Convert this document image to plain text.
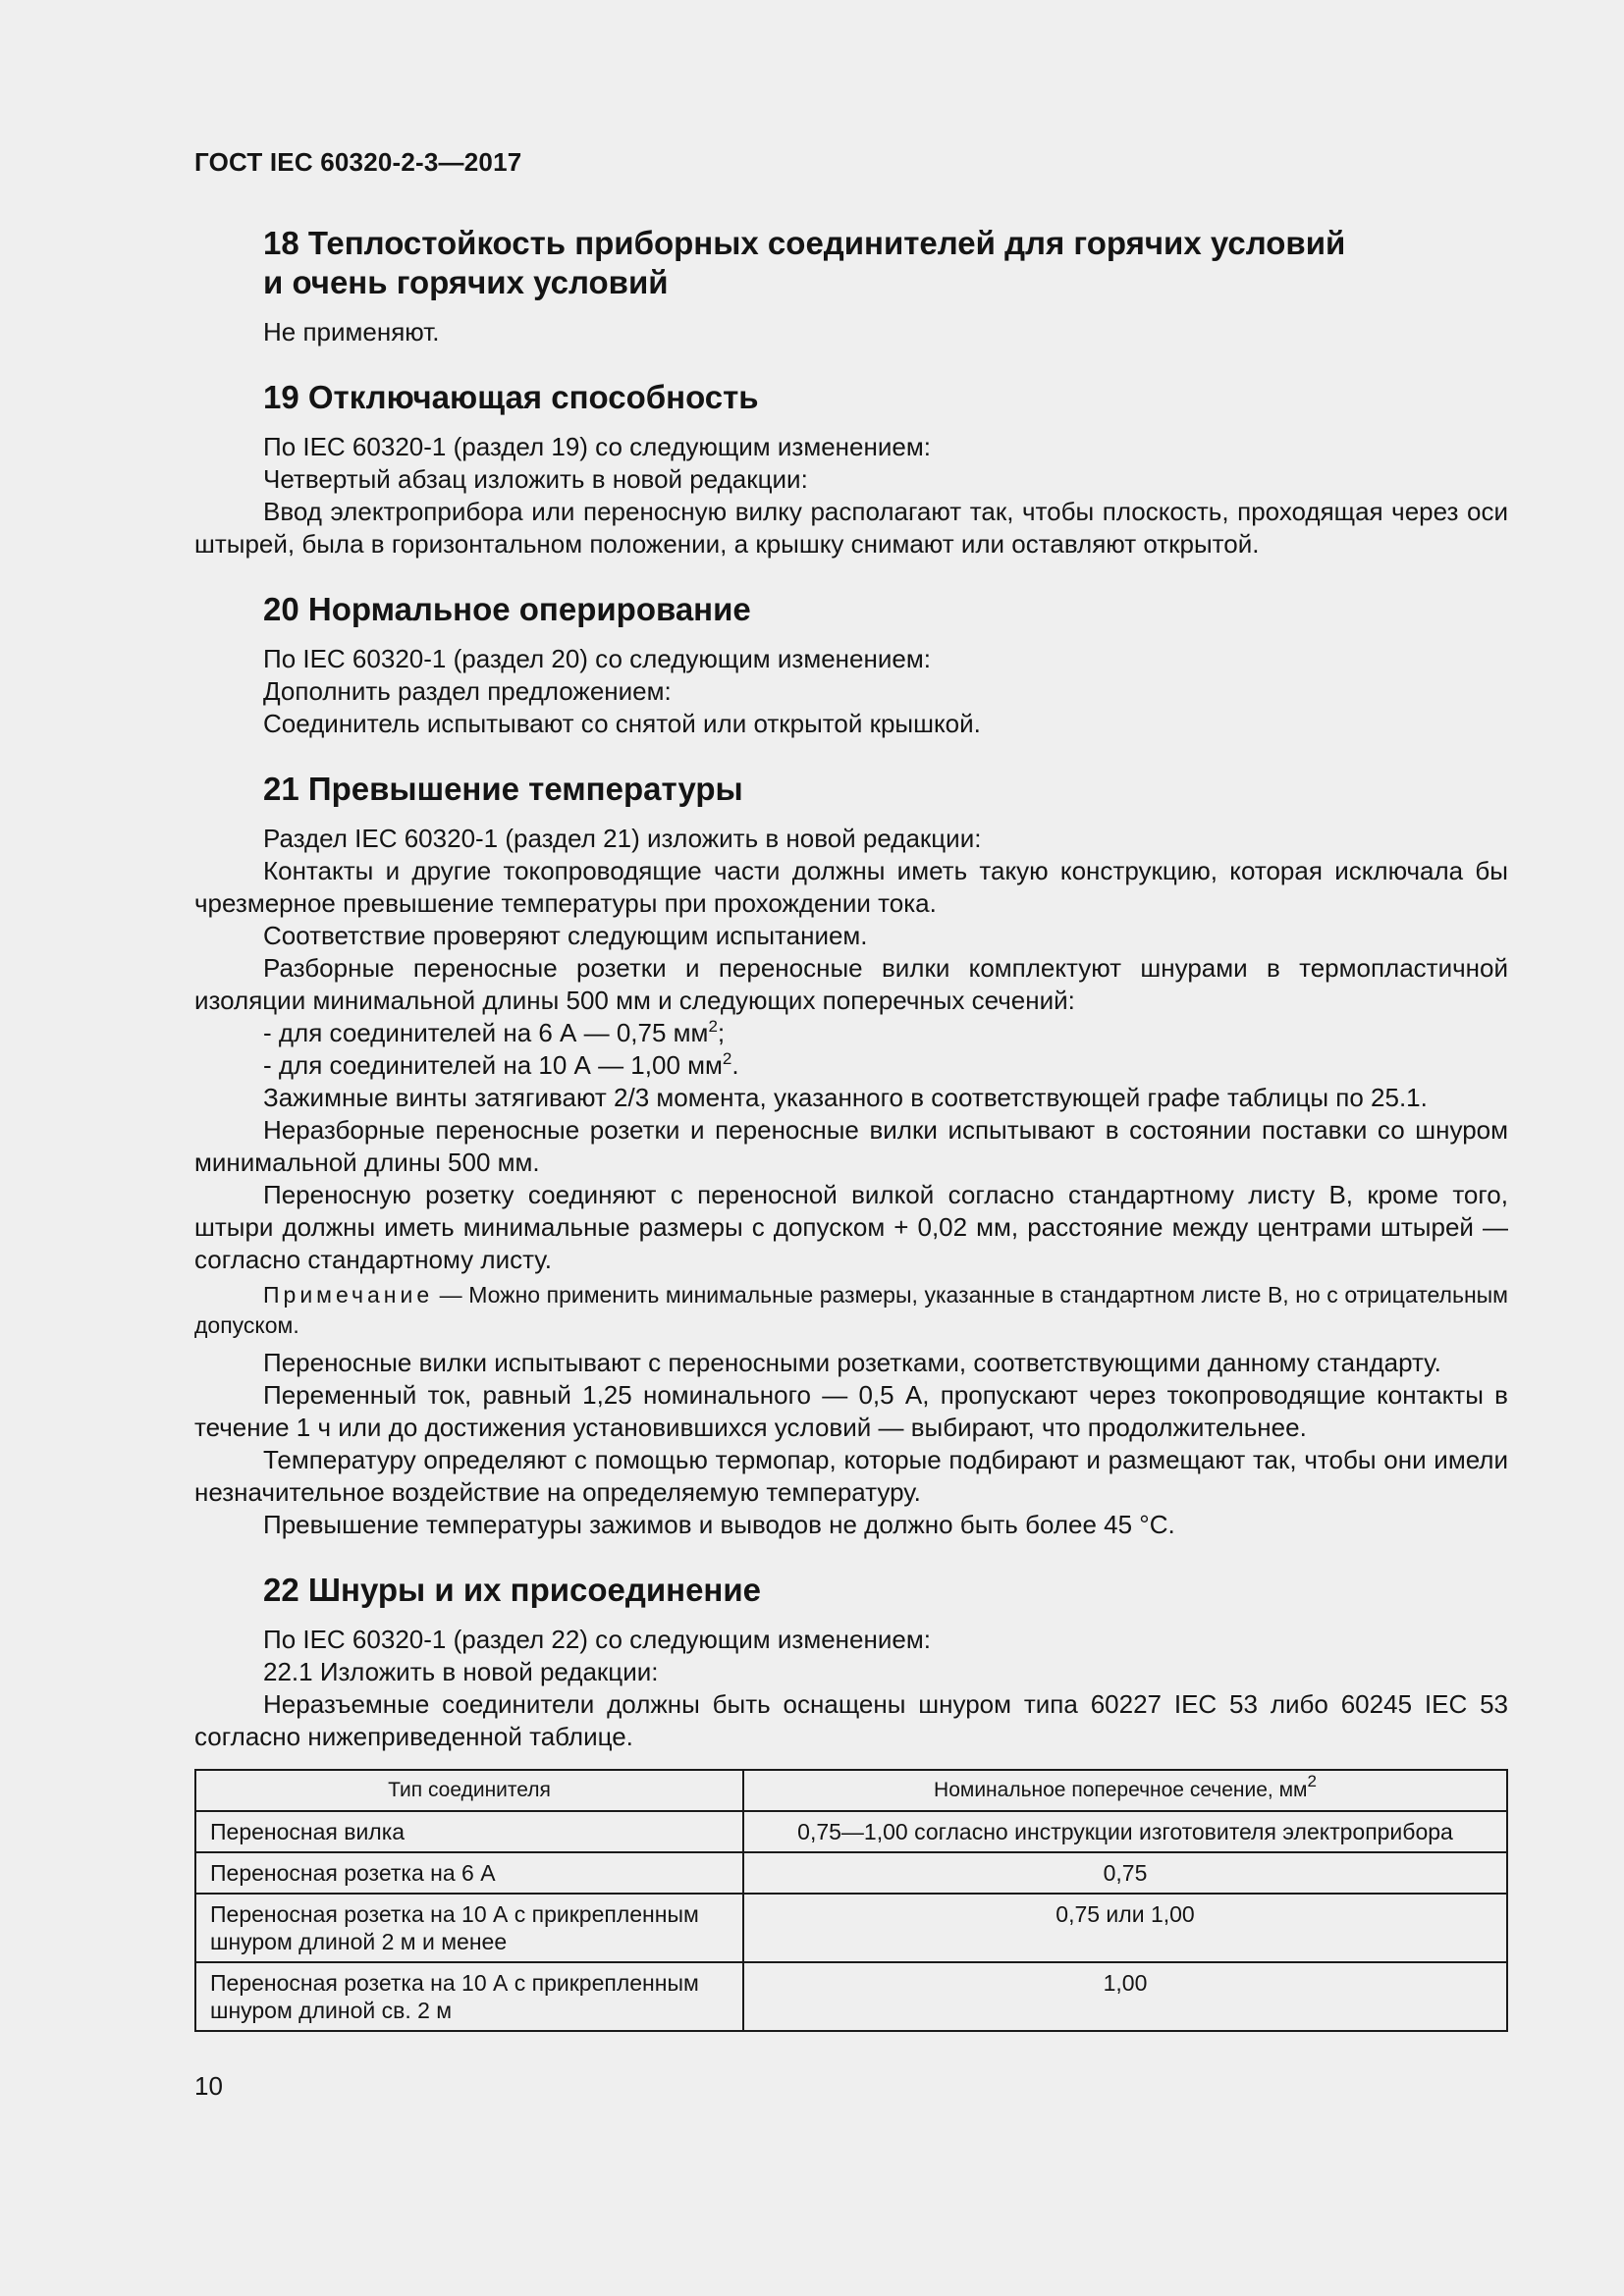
ГОСТ IEC 60320-2-3—2017
18 Теплостойкость приборных соединителей для горячих условий
и очень горячих условий

Не применяют.

19 Отключающая способность

По IEC 60320-1 (раздел 19) со следующим изменением:

Четвертый абзац изложить в новой редакции:

Ввод электроприбора или переносную вилку располагают так, чтобы плоскость, проходящая через оси штырей, была в горизонтальном положении, а крышку снимают или оставляют открытой.

20 Нормальное оперирование

По IEC 60320-1 (раздел 20) со следующим изменением:

Дополнить раздел предложением:

Соединитель испытывают со снятой или открытой крышкой.

21 Превышение температуры

Раздел IEC 60320-1 (раздел 21) изложить в новой редакции:

Контакты и другие токопроводящие части должны иметь такую конструкцию, которая исключала бы чрезмерное превышение температуры при прохождении тока.

Соответствие проверяют следующим испытанием.

Разборные переносные розетки и переносные вилки комплектуют шнурами в термопластичной изоляции минимальной длины 500 мм и следующих поперечных сечений:

- для соединителей на 6 А — 0,75 $мм^2$;

- для соединителей на 10 А — 1,00 $мм^2$.

Зажимные винты затягивают 2/3 момента, указанного в соответствующей графе таблицы по 25.1.

Неразборные переносные розетки и переносные вилки испытывают в состоянии поставки со шнуром минимальной длины 500 мм.

Переносную розетку соединяют с переносной вилкой согласно стандартному листу В, кроме того, штыри должны иметь минимальные размеры с допуском + 0,02 мм, расстояние между центрами штырей — согласно стандартному листу.

Примечание — Можно применить минимальные размеры, указанные в стандартном листе В, но с отрицательным допуском.

Переносные вилки испытывают с переносными розетками, соответствующими данному стандарту.

Переменный ток, равный 1,25 номинального — 0,5 А, пропускают через токопроводящие контакты в течение 1 ч или до достижения установившихся условий — выбирают, что продолжительнее.

Температуру определяют с помощью термопар, которые подбирают и размещают так, чтобы они имели незначительное воздействие на определяемую температуру.

Превышение температуры зажимов и выводов не должно быть более 45 °С.

22 Шнуры и их присоединение

По IEC 60320-1 (раздел 22) со следующим изменением:

22.1 Изложить в новой редакции:

Неразъемные соединители должны быть оснащены шнуром типа 60227 IEC 53 либо 60245 IEC 53 согласно нижеприведенной таблице.

Тип соединителя	Номинальное поперечное сечение, $мм^2$
Переносная вилка	0,75—1,00 согласно инструкции изготовителя электроприбора
Переносная розетка на 6 А	0,75
Переносная розетка на 10 А с прикрепленным шнуром длиной 2 м и менее	0,75 или 1,00
Переносная розетка на 10 А с прикрепленным шнуром длиной св. 2 м	1,00
10
